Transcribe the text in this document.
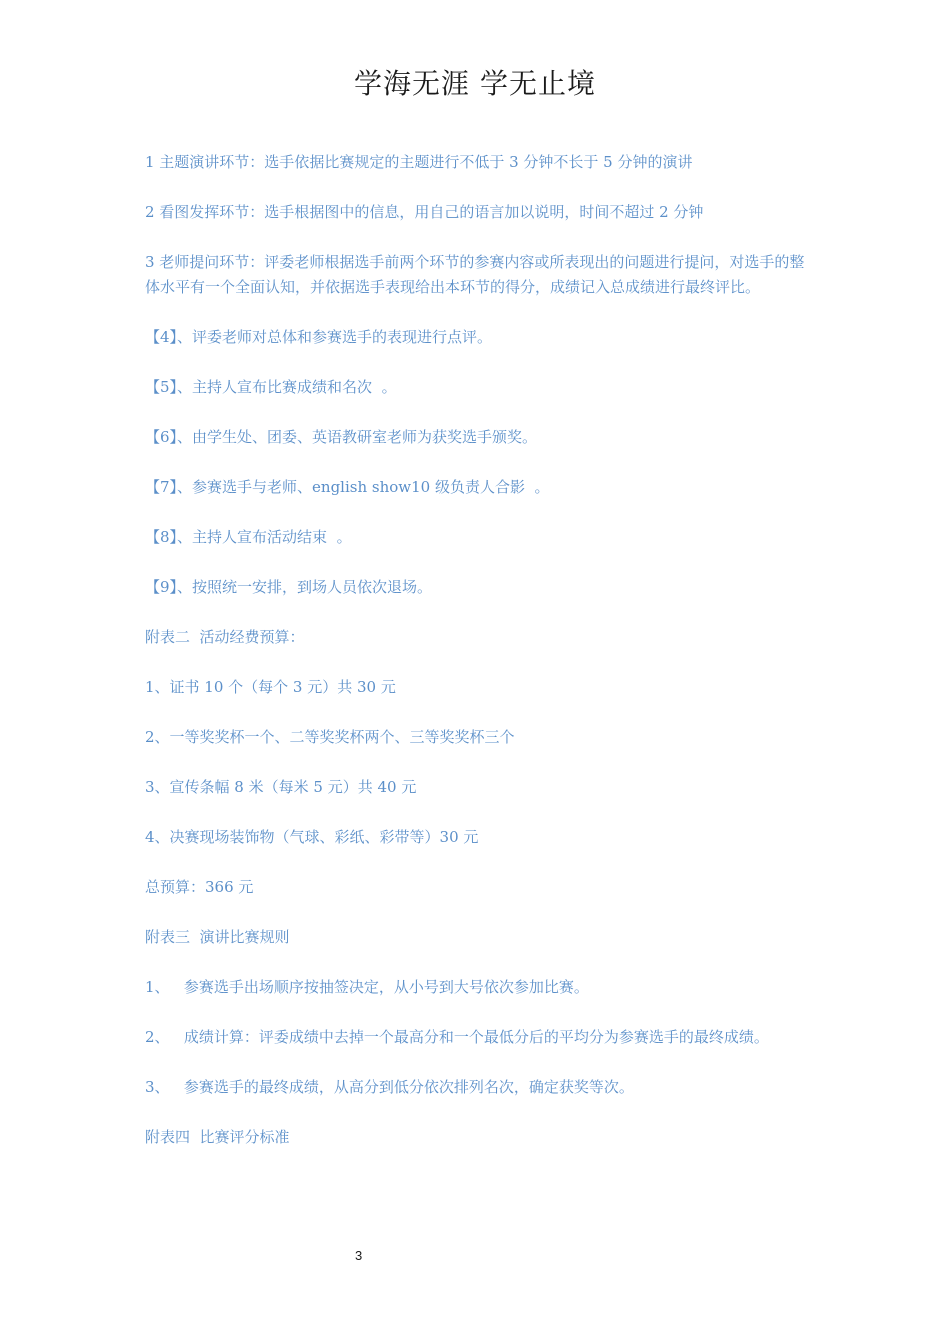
学海无涯 学无止境

1 主题演讲环节：选手依据比赛规定的主题进行不低于 3 分钟不长于 5 分钟的演讲

2 看图发挥环节：选手根据图中的信息，用自己的语言加以说明，时间不超过 2 分钟

3 老师提问环节：评委老师根据选手前两个环节的参赛内容或所表现出的问题进行提问，对选手的整体水平有一个全面认知，并依据选手表现给出本环节的得分，成绩记入总成绩进行最终评比。

【4】、评委老师对总体和参赛选手的表现进行点评。

【5】、主持人宣布比赛成绩和名次  。

【6】、由学生处、团委、英语教研室老师为获奖选手颁奖。

【7】、参赛选手与老师、english show10 级负责人合影  。

【8】、主持人宣布活动结束  。

【9】、按照统一安排，到场人员依次退场。

附表二  活动经费预算：

1、证书 10 个（每个 3 元）共 30 元

2、一等奖奖杯一个、二等奖奖杯两个、三等奖奖杯三个

3、宣传条幅 8 米（每米 5 元）共 40 元

4、决赛现场装饰物（气球、彩纸、彩带等）30 元

总预算：366 元

附表三  演讲比赛规则

1、   参赛选手出场顺序按抽签决定，从小号到大号依次参加比赛。

2、   成绩计算：评委成绩中去掉一个最高分和一个最低分后的平均分为参赛选手的最终成绩。

3、   参赛选手的最终成绩，从高分到低分依次排列名次，确定获奖等次。

附表四  比赛评分标准

3
